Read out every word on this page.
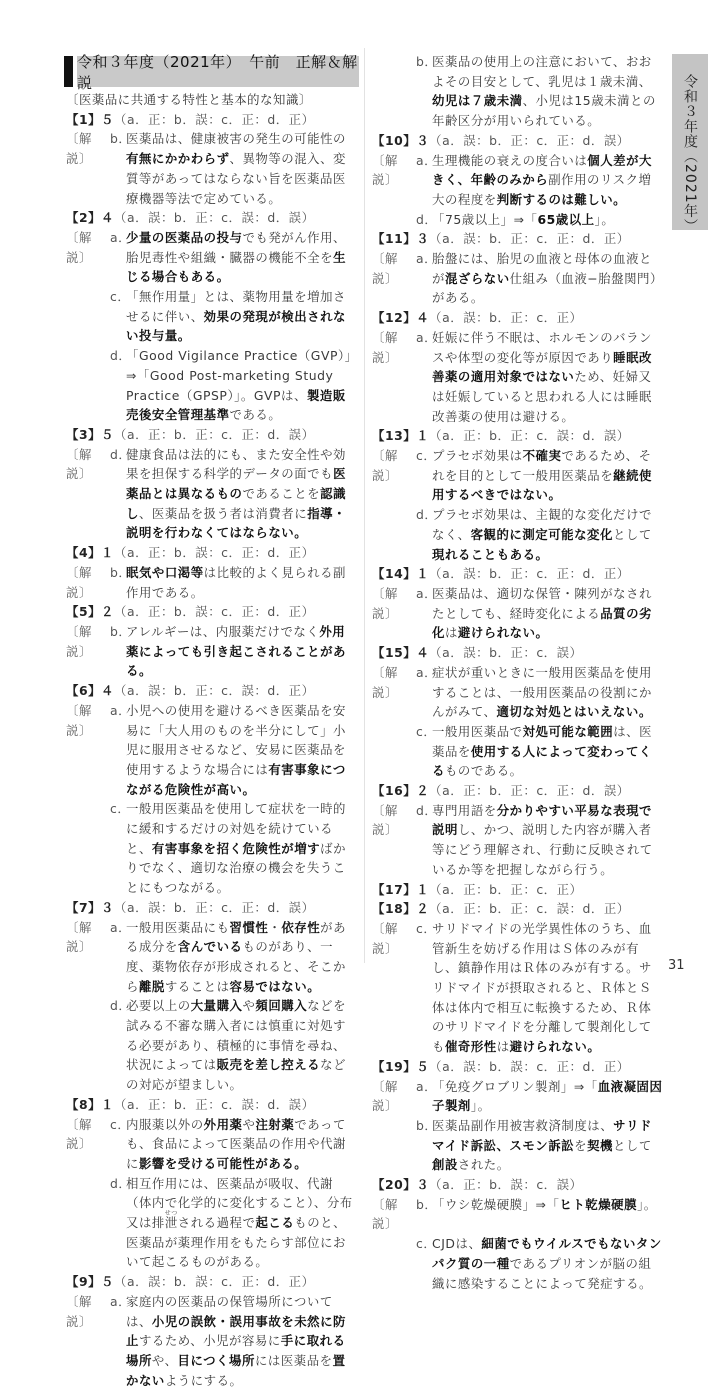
令和３年度（2021年）　午前　正解＆解説
〔医薬品に共通する特性と基本的な知識〕
【1】５（a．正：b．誤：c．正：d．正）
〔解説〕
b．
医薬品は、健康被害の発生の可能性の有無にかかわらず、異物等の混入、変質等があってはならない旨を医薬品医療機器等法で定めている。
【2】４（a．誤：b．正：c．誤：d．誤）
〔解説〕
a．
少量の医薬品の投与でも発がん作用、胎児毒性や組織・臓器の機能不全を生じる場合もある。
c．
「無作用量」とは、薬物用量を増加させるに伴い、効果の発現が検出されない投与量。
d．
「Good Vigilance Practice（GVP）」⇒「Good Post-marketing Study Practice（GPSP）」。GVPは、製造販売後安全管理基準である。
【3】５（a．正：b．正：c．正：d．誤）
〔解説〕
d．
健康食品は法的にも、また安全性や効果を担保する科学的データの面でも医薬品とは異なるものであることを認識し、医薬品を扱う者は消費者に指導・説明を行わなくてはならない。
【4】１（a．正：b．誤：c．正：d．正）
〔解説〕
b．
眠気や口渇等は比較的よく見られる副作用である。
【5】２（a．正：b．誤：c．正：d．正）
〔解説〕
b．
アレルギーは、内服薬だけでなく外用薬によっても引き起こされることがある。
【6】４（a．誤：b．正：c．誤：d．正）
〔解説〕
a．
小児への使用を避けるべき医薬品を安易に「大人用のものを半分にして」小児に服用させるなど、安易に医薬品を使用するような場合には有害事象につながる危険性が高い。
c．
一般用医薬品を使用して症状を一時的に緩和するだけの対処を続けていると、有害事象を招く危険性が増すばかりでなく、適切な治療の機会を失うことにもつながる。
【7】３（a．誤：b．正：c．正：d．誤）
〔解説〕
a．
一般用医薬品にも習慣性・依存性がある成分を含んでいるものがあり、一度、薬物依存が形成されると、そこから離脱することは容易ではない。
d．
必要以上の大量購入や頻回購入などを試みる不審な購入者には慎重に対処する必要があり、積極的に事情を尋ね、状況によっては販売を差し控えるなどの対応が望ましい。
【8】１（a．正：b．正：c．誤：d．誤）
〔解説〕
c．
内服薬以外の外用薬や注射薬であっても、食品によって医薬品の作用や代謝に影響を受ける可能性がある。
d．
相互作用には、医薬品が吸収、代謝（体内で化学的に変化すること）、分布又は排泄せつされる過程で起こるものと、医薬品が薬理作用をもたらす部位において起こるものがある。
【9】５（a．誤：b．誤：c．正：d．正）
〔解説〕
a．
家庭内の医薬品の保管場所については、小児の誤飲・誤用事故を未然に防止するため、小児が容易に手に取れる場所や、目につく場所には医薬品を置かないようにする。
b．
医薬品の使用上の注意において、おおよその目安として、乳児は１歳未満、幼児は７歳未満、小児は15歳未満との年齢区分が用いられている。
【10】３（a．誤：b．正：c．正：d．誤）
〔解説〕
a．
生理機能の衰えの度合いは個人差が大きく、年齢のみから副作用のリスク増大の程度を判断するのは難しい。
d．
「75歳以上」⇒「65歳以上」。
【11】３（a．誤：b．正：c．正：d．正）
〔解説〕
a．
胎盤には、胎児の血液と母体の血液とが混ざらない仕組み（血液−胎盤関門）がある。
【12】４（a．誤：b．正：c．正）
〔解説〕
a．
妊娠に伴う不眠は、ホルモンのバランスや体型の変化等が原因であり睡眠改善薬の適用対象ではないため、妊婦又は妊娠していると思われる人には睡眠改善薬の使用は避ける。
【13】１（a．正：b．正：c．誤：d．誤）
〔解説〕
c．
プラセボ効果は不確実であるため、それを目的として一般用医薬品を継続使用するべきではない。
d．
プラセボ効果は、主観的な変化だけでなく、客観的に測定可能な変化として現れることもある。
【14】１（a．誤：b．正：c．正：d．正）
〔解説〕
a．
医薬品は、適切な保管・陳列がなされたとしても、経時変化による品質の劣化は避けられない。
【15】４（a．誤：b．正：c．誤）
〔解説〕
a．
症状が重いときに一般用医薬品を使用することは、一般用医薬品の役割にかんがみて、適切な対処とはいえない。
c．
一般用医薬品で対処可能な範囲は、医薬品を使用する人によって変わってくるものである。
【16】２（a．正：b．正：c．正：d．誤）
〔解説〕
d．
専門用語を分かりやすい平易な表現で説明し、かつ、説明した内容が購入者等にどう理解され、行動に反映されているか等を把握しながら行う。
【17】１（a．正：b．正：c．正）
【18】２（a．正：b．正：c．誤：d．正）
〔解説〕
c．
サリドマイドの光学異性体のうち、血管新生を妨げる作用はＳ体のみが有し、鎮静作用はＲ体のみが有する。サリドマイドが摂取されると、Ｒ体とＳ体は体内で相互に転換するため、Ｒ体のサリドマイドを分離して製剤化しても催奇形性は避けられない。
【19】５（a．誤：b．誤：c．正：d．正）
〔解説〕
a．
「免疫グロブリン製剤」⇒「血液凝固因子製剤」。
b．
医薬品副作用被害救済制度は、サリドマイド訴訟、スモン訴訟を契機として創設された。
【20】３（a．正：b．誤：c．誤）
〔解説〕
b．
「ウシ乾燥硬膜」⇒「ヒト乾燥硬膜」。
c．
CJDは、細菌でもウイルスでもないタンパク質の一種であるプリオンが脳の組織に感染することによって発症する。
令和３年度（2021年）
31
